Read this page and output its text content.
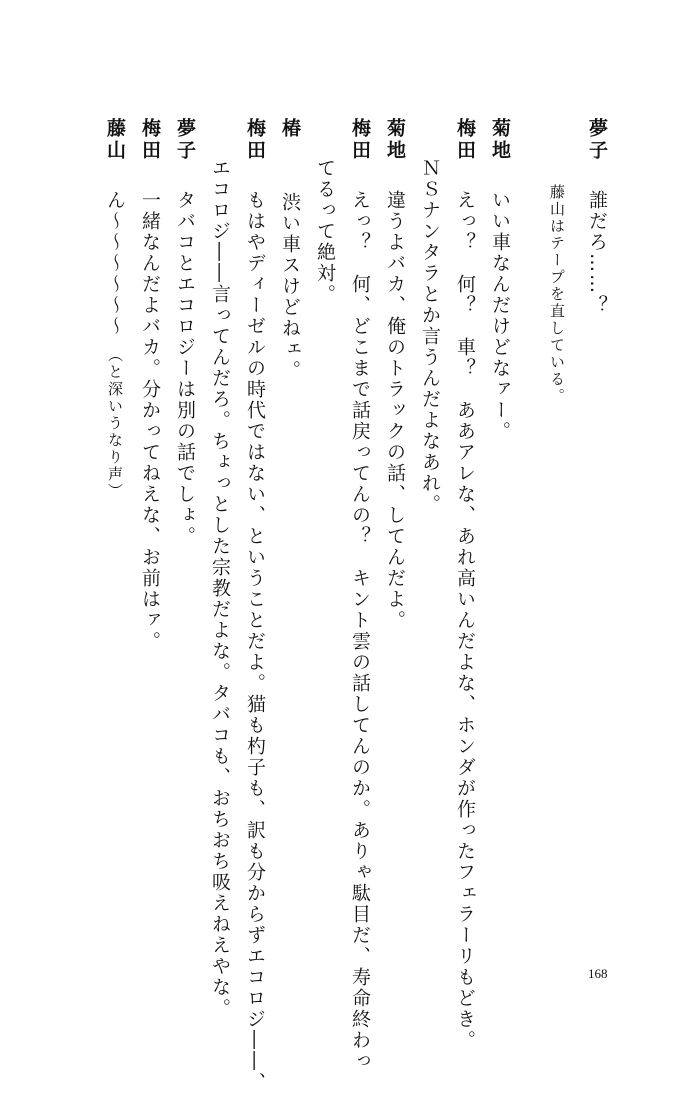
夢子誰だろ……？
藤山はテープを直している。
菊地いい車なんだけどなァー。
梅田えっ？　何？　車？　ああアレな、あれ高いんだよな、ホンダが作ったフェラーリもどき。
ＮＳナンタラとか言うんだよなあれ。
菊地違うよバカ、俺のトラックの話、してんだよ。
梅田えっ？　何、どこまで話戻ってんの？　キント雲の話してんのか。ありゃ駄目だ、寿命終わっ
てるって絶対。
椿渋い車スけどねェ。
梅田もはやディーゼルの時代ではない、ということだよ。猫も杓子も、訳も分からずエコロジ――、
エコロジ――言ってんだろ。ちょっとした宗教だよな。タバコも、おちおち吸えねえやな。
夢子タバコとエコロジーは別の話でしょ。
梅田一緒なんだよバカ。分かってねえな、お前はァ。
藤山ん〜〜〜〜〜〜（と深いうなり声）
168
